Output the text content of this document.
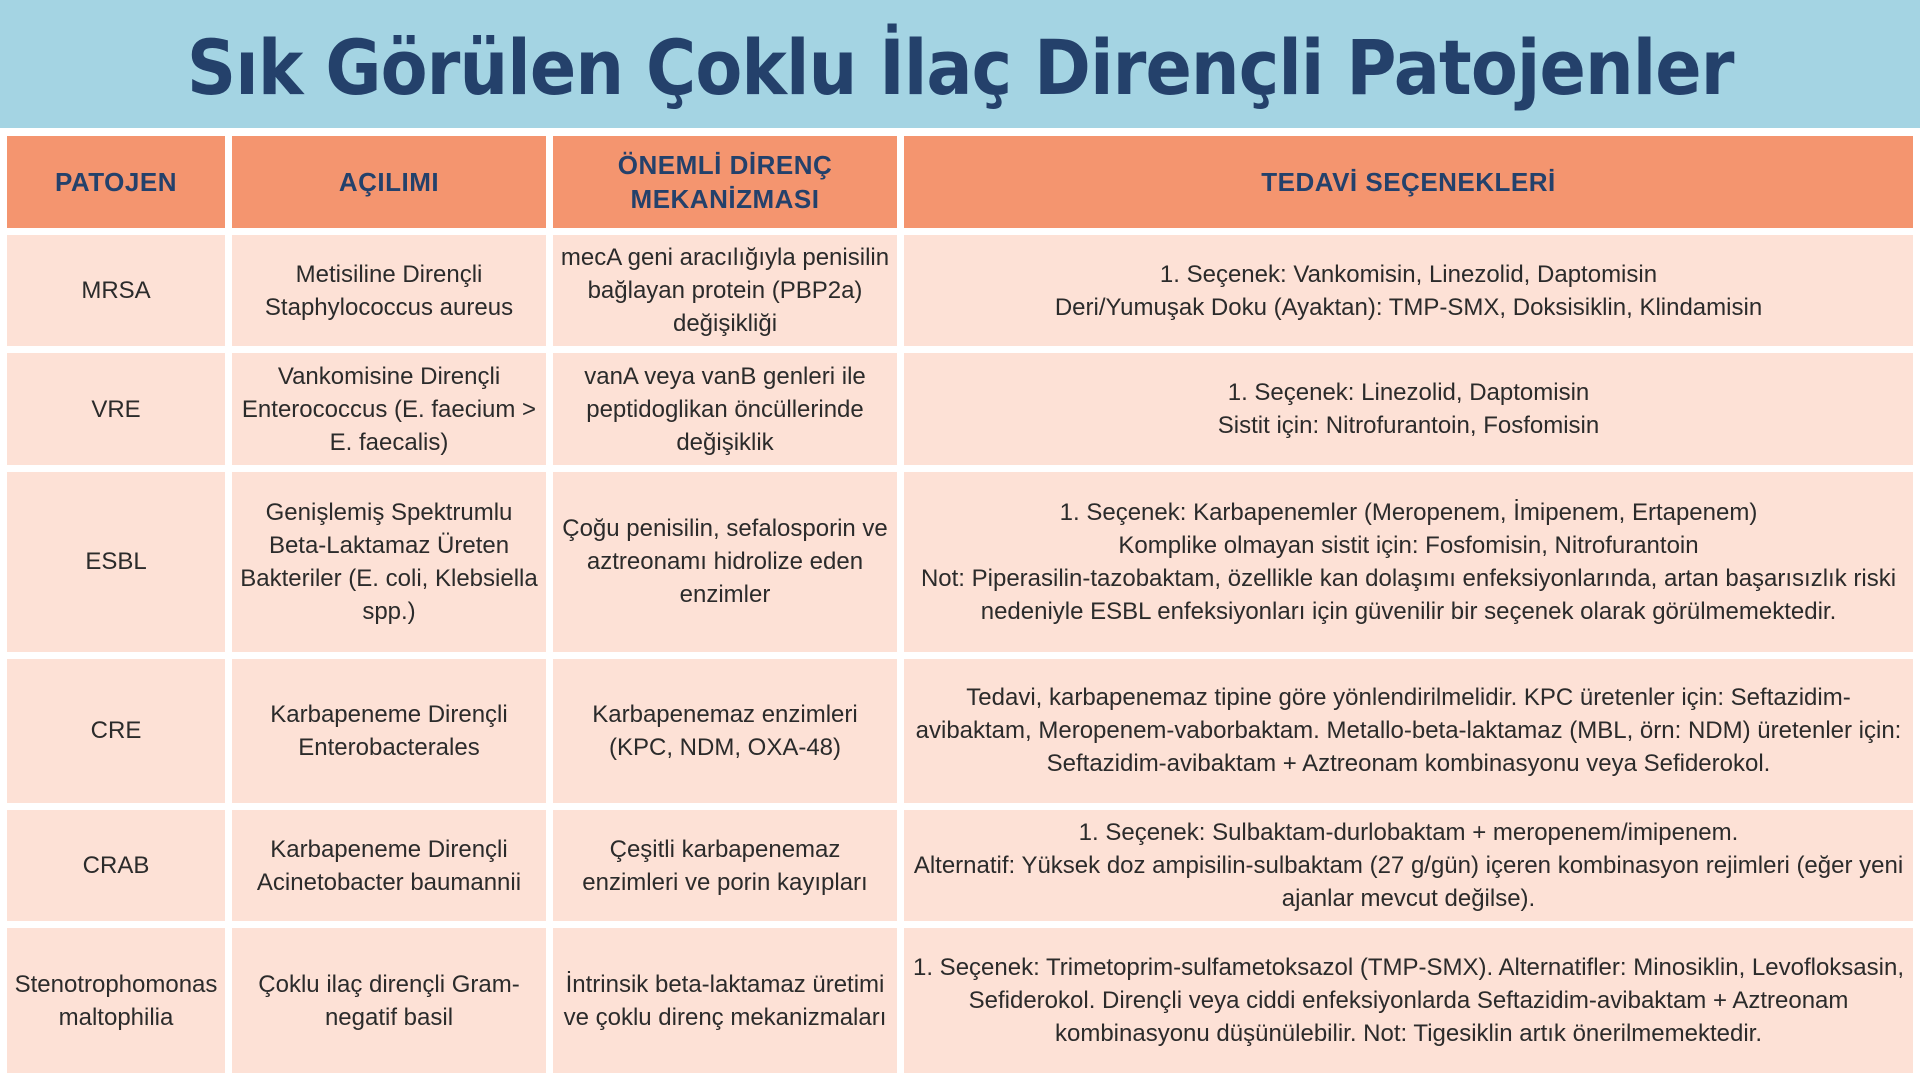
Sık Görülen Çoklu İlaç Dirençli Patojenler
PATOJEN	AÇILIMI	ÖNEMLİ DİRENÇ MEKANİZMASI	TEDAVİ SEÇENEKLERİ
MRSA	Metisiline Dirençli Staphylococcus aureus	mecA geni aracılığıyla penisilin bağlayan protein (PBP2a) değişikliği	1. Seçenek: Vankomisin, Linezolid, Daptomisin
Deri/Yumuşak Doku (Ayaktan): TMP-SMX, Doksisiklin, Klindamisin

VRE	Vankomisine Dirençli Enterococcus (E. faecium > E. faecalis)	vanA veya vanB genleri ile peptidoglikan öncüllerinde değişiklik	1. Seçenek: Linezolid, Daptomisin
Sistit için: Nitrofurantoin, Fosfomisin

ESBL	Genişlemiş Spektrumlu Beta-Laktamaz Üreten Bakteriler (E. coli, Klebsiella spp.)	Çoğu penisilin, sefalosporin ve aztreonamı hidrolize eden enzimler	1. Seçenek: Karbapenemler (Meropenem, İmipenem, Ertapenem)
Komplike olmayan sistit için: Fosfomisin, Nitrofurantoin
Not: Piperasilin-tazobaktam, özellikle kan dolaşımı enfeksiyonlarında, artan başarısızlık riski nedeniyle ESBL enfeksiyonları için güvenilir bir seçenek olarak görülmemektedir.

CRE	Karbapeneme Dirençli Enterobacterales	Karbapenemaz enzimleri (KPC, NDM, OXA-48)	Tedavi, karbapenemaz tipine göre yönlendirilmelidir. KPC üretenler için: Seftazidim-avibaktam, Meropenem-vaborbaktam. Metallo-beta-laktamaz (MBL, örn: NDM) üretenler için: Seftazidim-avibaktam + Aztreonam kombinasyonu veya Sefiderokol.

CRAB	Karbapeneme Dirençli Acinetobacter baumannii	Çeşitli karbapenemaz enzimleri ve porin kayıpları	1. Seçenek: Sulbaktam-durlobaktam + meropenem/imipenem.
Alternatif: Yüksek doz ampisilin-sulbaktam (27 g/gün) içeren kombinasyon rejimleri (eğer yeni ajanlar mevcut değilse).

Stenotrophomonas maltophilia	Çoklu ilaç dirençli Gram-negatif basil	İntrinsik beta-laktamaz üretimi ve çoklu direnç mekanizmaları	1. Seçenek: Trimetoprim-sulfametoksazol (TMP-SMX). Alternatifler: Minosiklin, Levofloksasin, Sefiderokol. Dirençli veya ciddi enfeksiyonlarda Seftazidim-avibaktam + Aztreonam kombinasyonu düşünülebilir. Not: Tigesiklin artık önerilmemektedir.
